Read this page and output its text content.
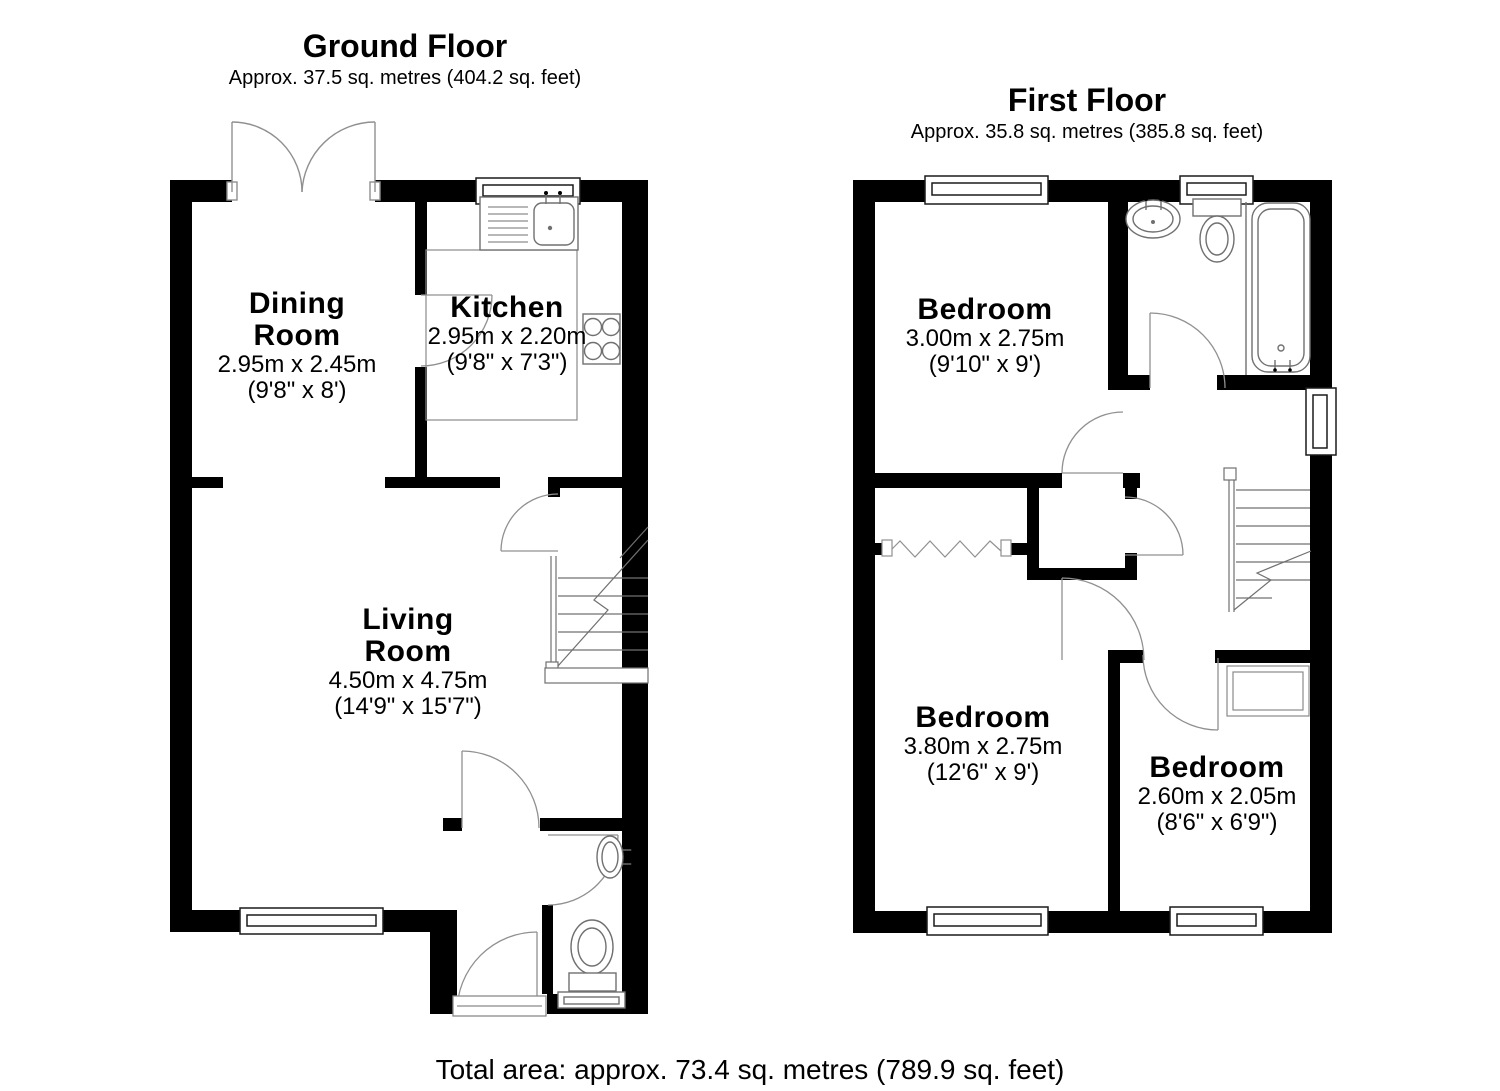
Ground Floor
Approx. 37.5 sq. metres (404.2 sq. feet)
First Floor
Approx. 35.8 sq. metres (385.8 sq. feet)
Dining
Room
2.95m x 2.45m
(9'8" x 8')
Kitchen
2.95m x 2.20m
(9'8" x 7'3")
Living
Room
4.50m x 4.75m
(14'9" x 15'7")
Bedroom
3.00m x 2.75m
(9'10" x 9')
Bedroom
3.80m x 2.75m
(12'6" x 9')	Bedroom
2.60m x 2.05m
(8'6" x 6'9")
Total area: approx. 73.4 sq. metres (789.9 sq. feet)
